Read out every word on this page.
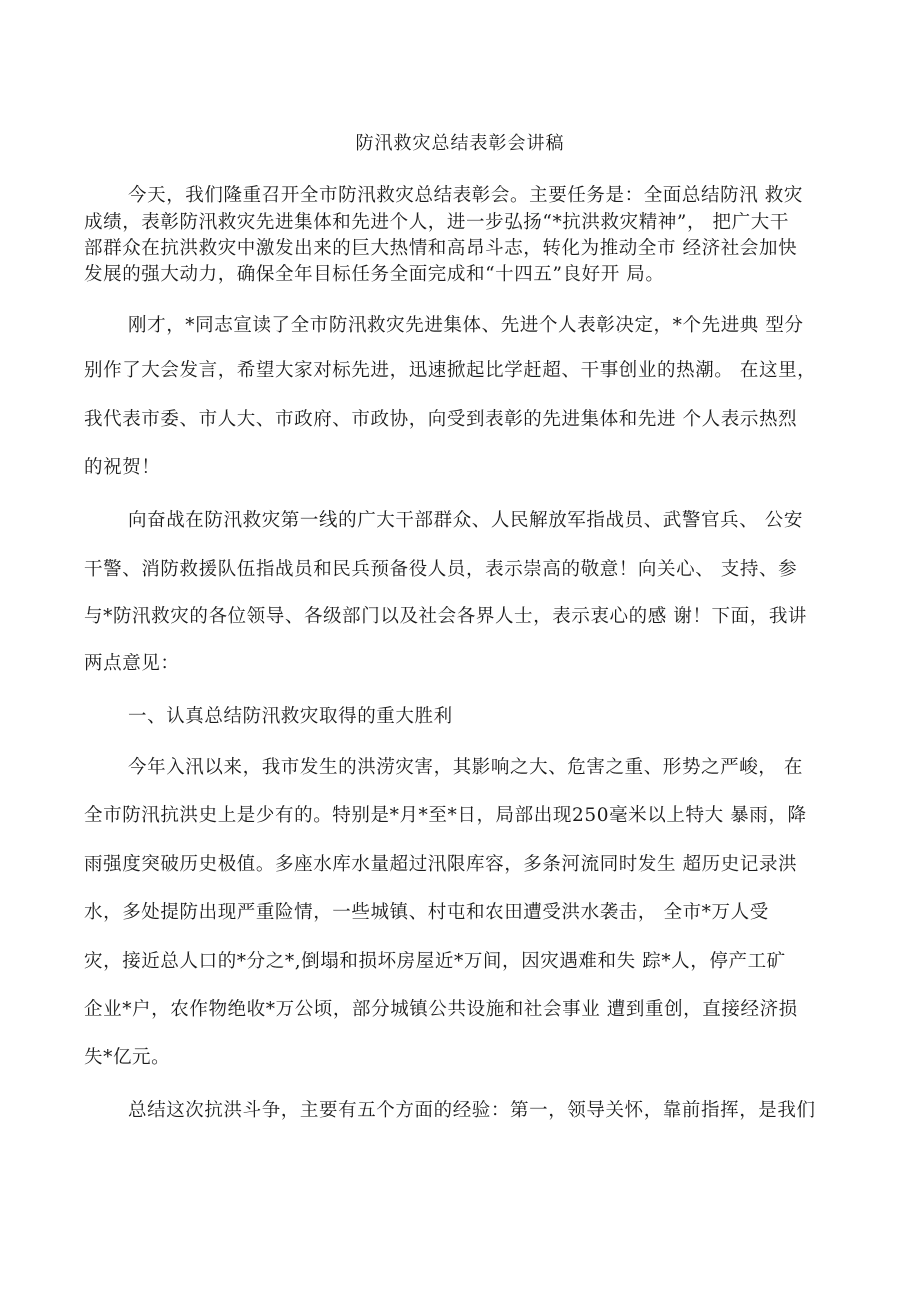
防汛救灾总结表彰会讲稿
今天，我们隆重召开全市防汛救灾总结表彰会。主要任务是：全面总结防汛 救灾
成绩，表彰防汛救灾先进集体和先进个人，进一步弘扬“*抗洪救灾精神”， 把广大干
部群众在抗洪救灾中激发出来的巨大热情和高昂斗志，转化为推动全市 经济社会加快
发展的强大动力，确保全年目标任务全面完成和“十四五”良好开 局。
刚才，*同志宣读了全市防汛救灾先进集体、先进个人表彰决定，*个先进典 型分
别作了大会发言，希望大家对标先进，迅速掀起比学赶超、干事创业的热潮。 在这里，
我代表市委、市人大、市政府、市政协，向受到表彰的先进集体和先进 个人表示热烈
的祝贺！
向奋战在防汛救灾第一线的广大干部群众、人民解放军指战员、武警官兵、 公安
干警、消防救援队伍指战员和民兵预备役人员，表示崇高的敬意！向关心、 支持、参
与*防汛救灾的各位领导、各级部门以及社会各界人士，表示衷心的感 谢！下面，我讲
两点意见：
一、认真总结防汛救灾取得的重大胜利
今年入汛以来，我市发生的洪涝灾害，其影响之大、危害之重、形势之严峻， 在
全市防汛抗洪史上是少有的。特别是*月*至*日，局部出现250毫米以上特大 暴雨，降
雨强度突破历史极值。多座水库水量超过汛限库容，多条河流同时发生 超历史记录洪
水，多处提防出现严重险情，一些城镇、村屯和农田遭受洪水袭击， 全市*万人受
灾，接近总人口的*分之*,倒塌和损坏房屋近*万间，因灾遇难和失 踪*人，停产工矿
企业*户，农作物绝收*万公顷，部分城镇公共设施和社会事业 遭到重创，直接经济损
失*亿元。
总结这次抗洪斗争，主要有五个方面的经验：第一，领导关怀，靠前指挥，是我们
